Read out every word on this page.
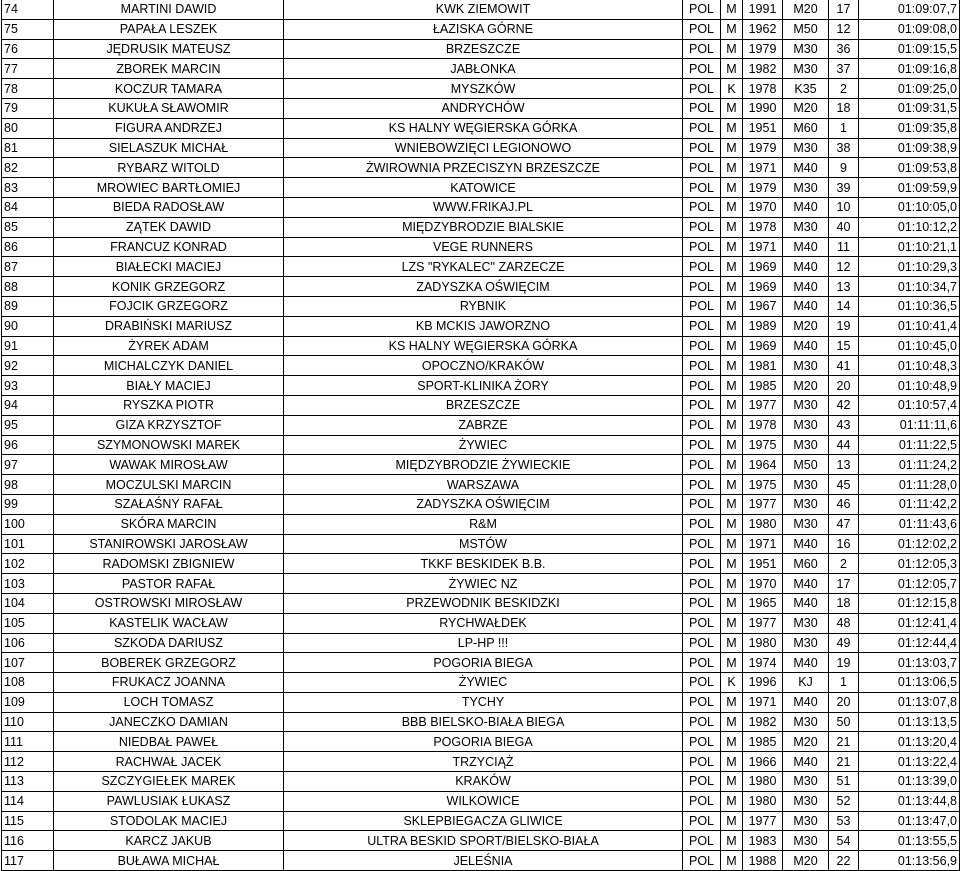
74	MARTINI DAWID	KWK ZIEMOWIT	POL	M	1991	M20	17	01:09:07,7
75	PAPAŁA LESZEK	ŁAZISKA GÓRNE	POL	M	1962	M50	12	01:09:08,0
76	JĘDRUSIK MATEUSZ	BRZESZCZE	POL	M	1979	M30	36	01:09:15,5
77	ZBOREK MARCIN	JABŁONKA	POL	M	1982	M30	37	01:09:16,8
78	KOCZUR TAMARA	MYSZKÓW	POL	K	1978	K35	2	01:09:25,0
79	KUKUŁA SŁAWOMIR	ANDRYCHÓW	POL	M	1990	M20	18	01:09:31,5
80	FIGURA ANDRZEJ	KS HALNY WĘGIERSKA GÓRKA	POL	M	1951	M60	1	01:09:35,8
81	SIELASZUK MICHAŁ	WNIEBOWZIĘCI LEGIONOWO	POL	M	1979	M30	38	01:09:38,9
82	RYBARZ WITOLD	ŻWIROWNIA PRZECISZYN BRZESZCZE	POL	M	1971	M40	9	01:09:53,8
83	MROWIEC BARTŁOMIEJ	KATOWICE	POL	M	1979	M30	39	01:09:59,9
84	BIEDA RADOSŁAW	WWW.FRIKAJ.PL	POL	M	1970	M40	10	01:10:05,0
85	ZĄTEK DAWID	MIĘDZYBRODZIE BIALSKIE	POL	M	1978	M30	40	01:10:12,2
86	FRANCUZ KONRAD	VEGE RUNNERS	POL	M	1971	M40	11	01:10:21,1
87	BIAŁECKI MACIEJ	LZS "RYKALEC" ZARZECZE	POL	M	1969	M40	12	01:10:29,3
88	KONIK GRZEGORZ	ZADYSZKA OŚWIĘCIM	POL	M	1969	M40	13	01:10:34,7
89	FOJCIK GRZEGORZ	RYBNIK	POL	M	1967	M40	14	01:10:36,5
90	DRABIŃSKI MARIUSZ	KB MCKIS JAWORZNO	POL	M	1989	M20	19	01:10:41,4
91	ŻYREK ADAM	KS HALNY WĘGIERSKA GÓRKA	POL	M	1969	M40	15	01:10:45,0
92	MICHALCZYK DANIEL	OPOCZNO/KRAKÓW	POL	M	1981	M30	41	01:10:48,3
93	BIAŁY MACIEJ	SPORT-KLINIKA ŻORY	POL	M	1985	M20	20	01:10:48,9
94	RYSZKA PIOTR	BRZESZCZE	POL	M	1977	M30	42	01:10:57,4
95	GIZA KRZYSZTOF	ZABRZE	POL	M	1978	M30	43	01:11:11,6
96	SZYMONOWSKI MAREK	ŻYWIEC	POL	M	1975	M30	44	01:11:22,5
97	WAWAK MIROSŁAW	MIĘDZYBRODZIE ŻYWIECKIE	POL	M	1964	M50	13	01:11:24,2
98	MOCZULSKI MARCIN	WARSZAWA	POL	M	1975	M30	45	01:11:28,0
99	SZAŁAŚNY RAFAŁ	ZADYSZKA OŚWIĘCIM	POL	M	1977	M30	46	01:11:42,2
100	SKÓRA MARCIN	R&M	POL	M	1980	M30	47	01:11:43,6
101	STANIROWSKI JAROSŁAW	MSTÓW	POL	M	1971	M40	16	01:12:02,2
102	RADOMSKI ZBIGNIEW	TKKF BESKIDEK B.B.	POL	M	1951	M60	2	01:12:05,3
103	PASTOR RAFAŁ	ŻYWIEC NZ	POL	M	1970	M40	17	01:12:05,7
104	OSTROWSKI MIROSŁAW	PRZEWODNIK BESKIDZKI	POL	M	1965	M40	18	01:12:15,8
105	KASTELIK WACŁAW	RYCHWAŁDEK	POL	M	1977	M30	48	01:12:41,4
106	SZKODA DARIUSZ	LP-HP !!!	POL	M	1980	M30	49	01:12:44,4
107	BOBEREK GRZEGORZ	POGORIA BIEGA	POL	M	1974	M40	19	01:13:03,7
108	FRUKACZ JOANNA	ŻYWIEC	POL	K	1996	KJ	1	01:13:06,5
109	LOCH TOMASZ	TYCHY	POL	M	1971	M40	20	01:13:07,8
110	JANECZKO DAMIAN	BBB BIELSKO-BIAŁA BIEGA	POL	M	1982	M30	50	01:13:13,5
111	NIEDBAŁ PAWEŁ	POGORIA BIEGA	POL	M	1985	M20	21	01:13:20,4
112	RACHWAŁ JACEK	TRZYCIĄŻ	POL	M	1966	M40	21	01:13:22,4
113	SZCZYGIEŁEK MAREK	KRAKÓW	POL	M	1980	M30	51	01:13:39,0
114	PAWLUSIAK ŁUKASZ	WILKOWICE	POL	M	1980	M30	52	01:13:44,8
115	STODOLAK MACIEJ	SKLEPBIEGACZA GLIWICE	POL	M	1977	M30	53	01:13:47,0
116	KARCZ JAKUB	ULTRA BESKID SPORT/BIELSKO-BIAŁA	POL	M	1983	M30	54	01:13:55,5
117	BUŁAWA MICHAŁ	JELEŚNIA	POL	M	1988	M20	22	01:13:56,9
